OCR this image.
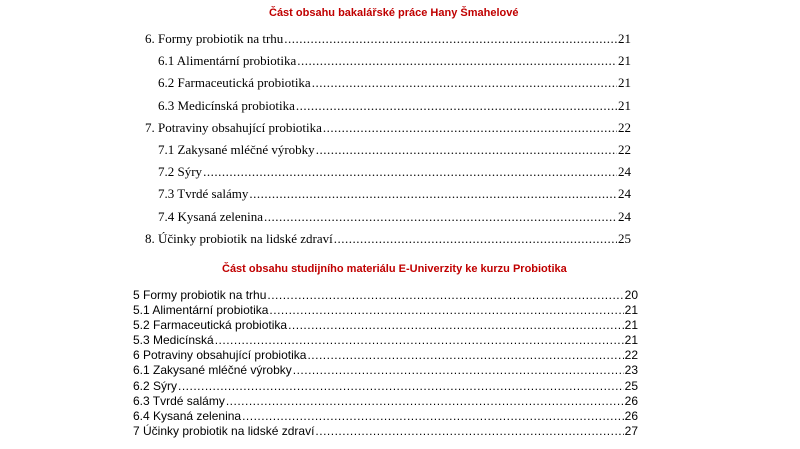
Část obsahu bakalářské práce Hany Šmahelové
6. Formy probiotik na trhu .....	21
6.1 Alimentární probiotika .....	21
6.2 Farmaceutická probiotika .....	21
6.3 Medicínská probiotika .....	21
7. Potraviny obsahující probiotika .....	22
7.1 Zakysané mléčné výrobky .....	22
7.2 Sýry .....	24
7.3 Tvrdé salámy .....	24
7.4 Kysaná zelenina .....	24
8. Účinky probiotik na lidské zdraví .....	25
Část obsahu studijního materiálu E-Univerzity ke kurzu Probiotika
5 Formy probiotik na trhu .....	20
5.1 Alimentární probiotika .....	21
5.2 Farmaceutická probiotika .....	21
5.3 Medicínská .....	21
6 Potraviny obsahující probiotika .....	22
6.1 Zakysané mléčné výrobky .....	23
6.2 Sýry .....	25
6.3 Tvrdé salámy .....	26
6.4 Kysaná zelenina .....	26
7 Účinky probiotik na lidské zdraví .....	27
